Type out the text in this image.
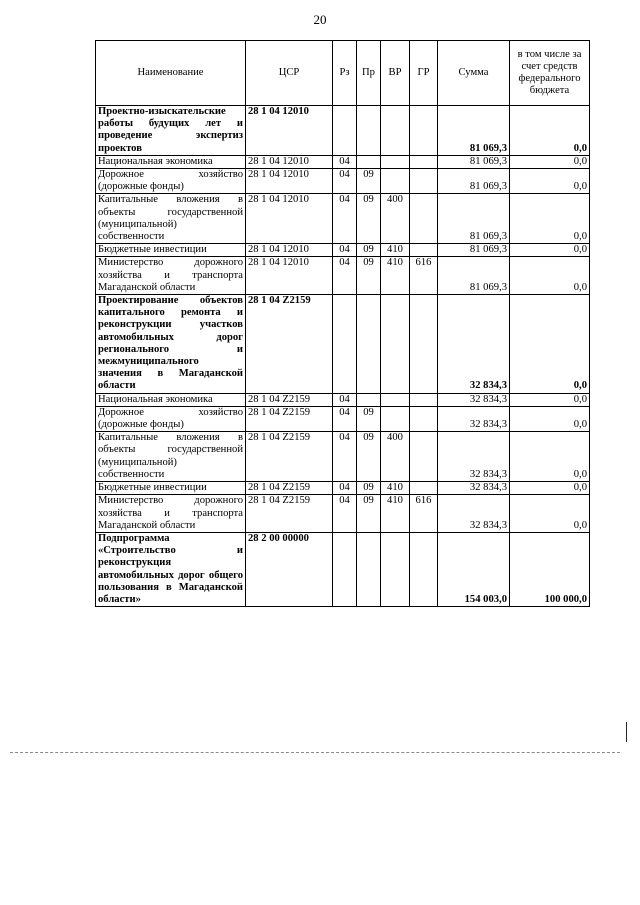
20
Наименование	ЦСР	Рз	Пр	ВР	ГР	Сумма	в том числе за счет средств федерального бюджета
Проектно-изыскательские работы будущих лет и проведение экспертиз проектов	28 1 04 12010					81 069,3	0,0
Национальная экономика	28 1 04 12010	04				81 069,3	0,0
Дорожное хозяйство (дорожные фонды)	28 1 04 12010	04	09			81 069,3	0,0
Капитальные вложения в объекты государственной (муниципальной) собственности	28 1 04 12010	04	09	400		81 069,3	0,0
Бюджетные инвестиции	28 1 04 12010	04	09	410		81 069,3	0,0
Министерство дорожного хозяйства и транспорта Магаданской области	28 1 04 12010	04	09	410	616	81 069,3	0,0
Проектирование объектов капитального ремонта и реконструкции участков автомобильных дорог регионального и межмуниципального значения в Магаданской области	28 1 04 Z2159					32 834,3	0,0
Национальная экономика	28 1 04 Z2159	04				32 834,3	0,0
Дорожное хозяйство (дорожные фонды)	28 1 04 Z2159	04	09			32 834,3	0,0
Капитальные вложения в объекты государственной (муниципальной) собственности	28 1 04 Z2159	04	09	400		32 834,3	0,0
Бюджетные инвестиции	28 1 04 Z2159	04	09	410		32 834,3	0,0
Министерство дорожного хозяйства и транспорта Магаданской области	28 1 04 Z2159	04	09	410	616	32 834,3	0,0
Подпрограмма «Строительство и реконструкция автомобильных дорог общего пользования в Магаданской области»	28 2 00 00000					154 003,0	100 000,0
